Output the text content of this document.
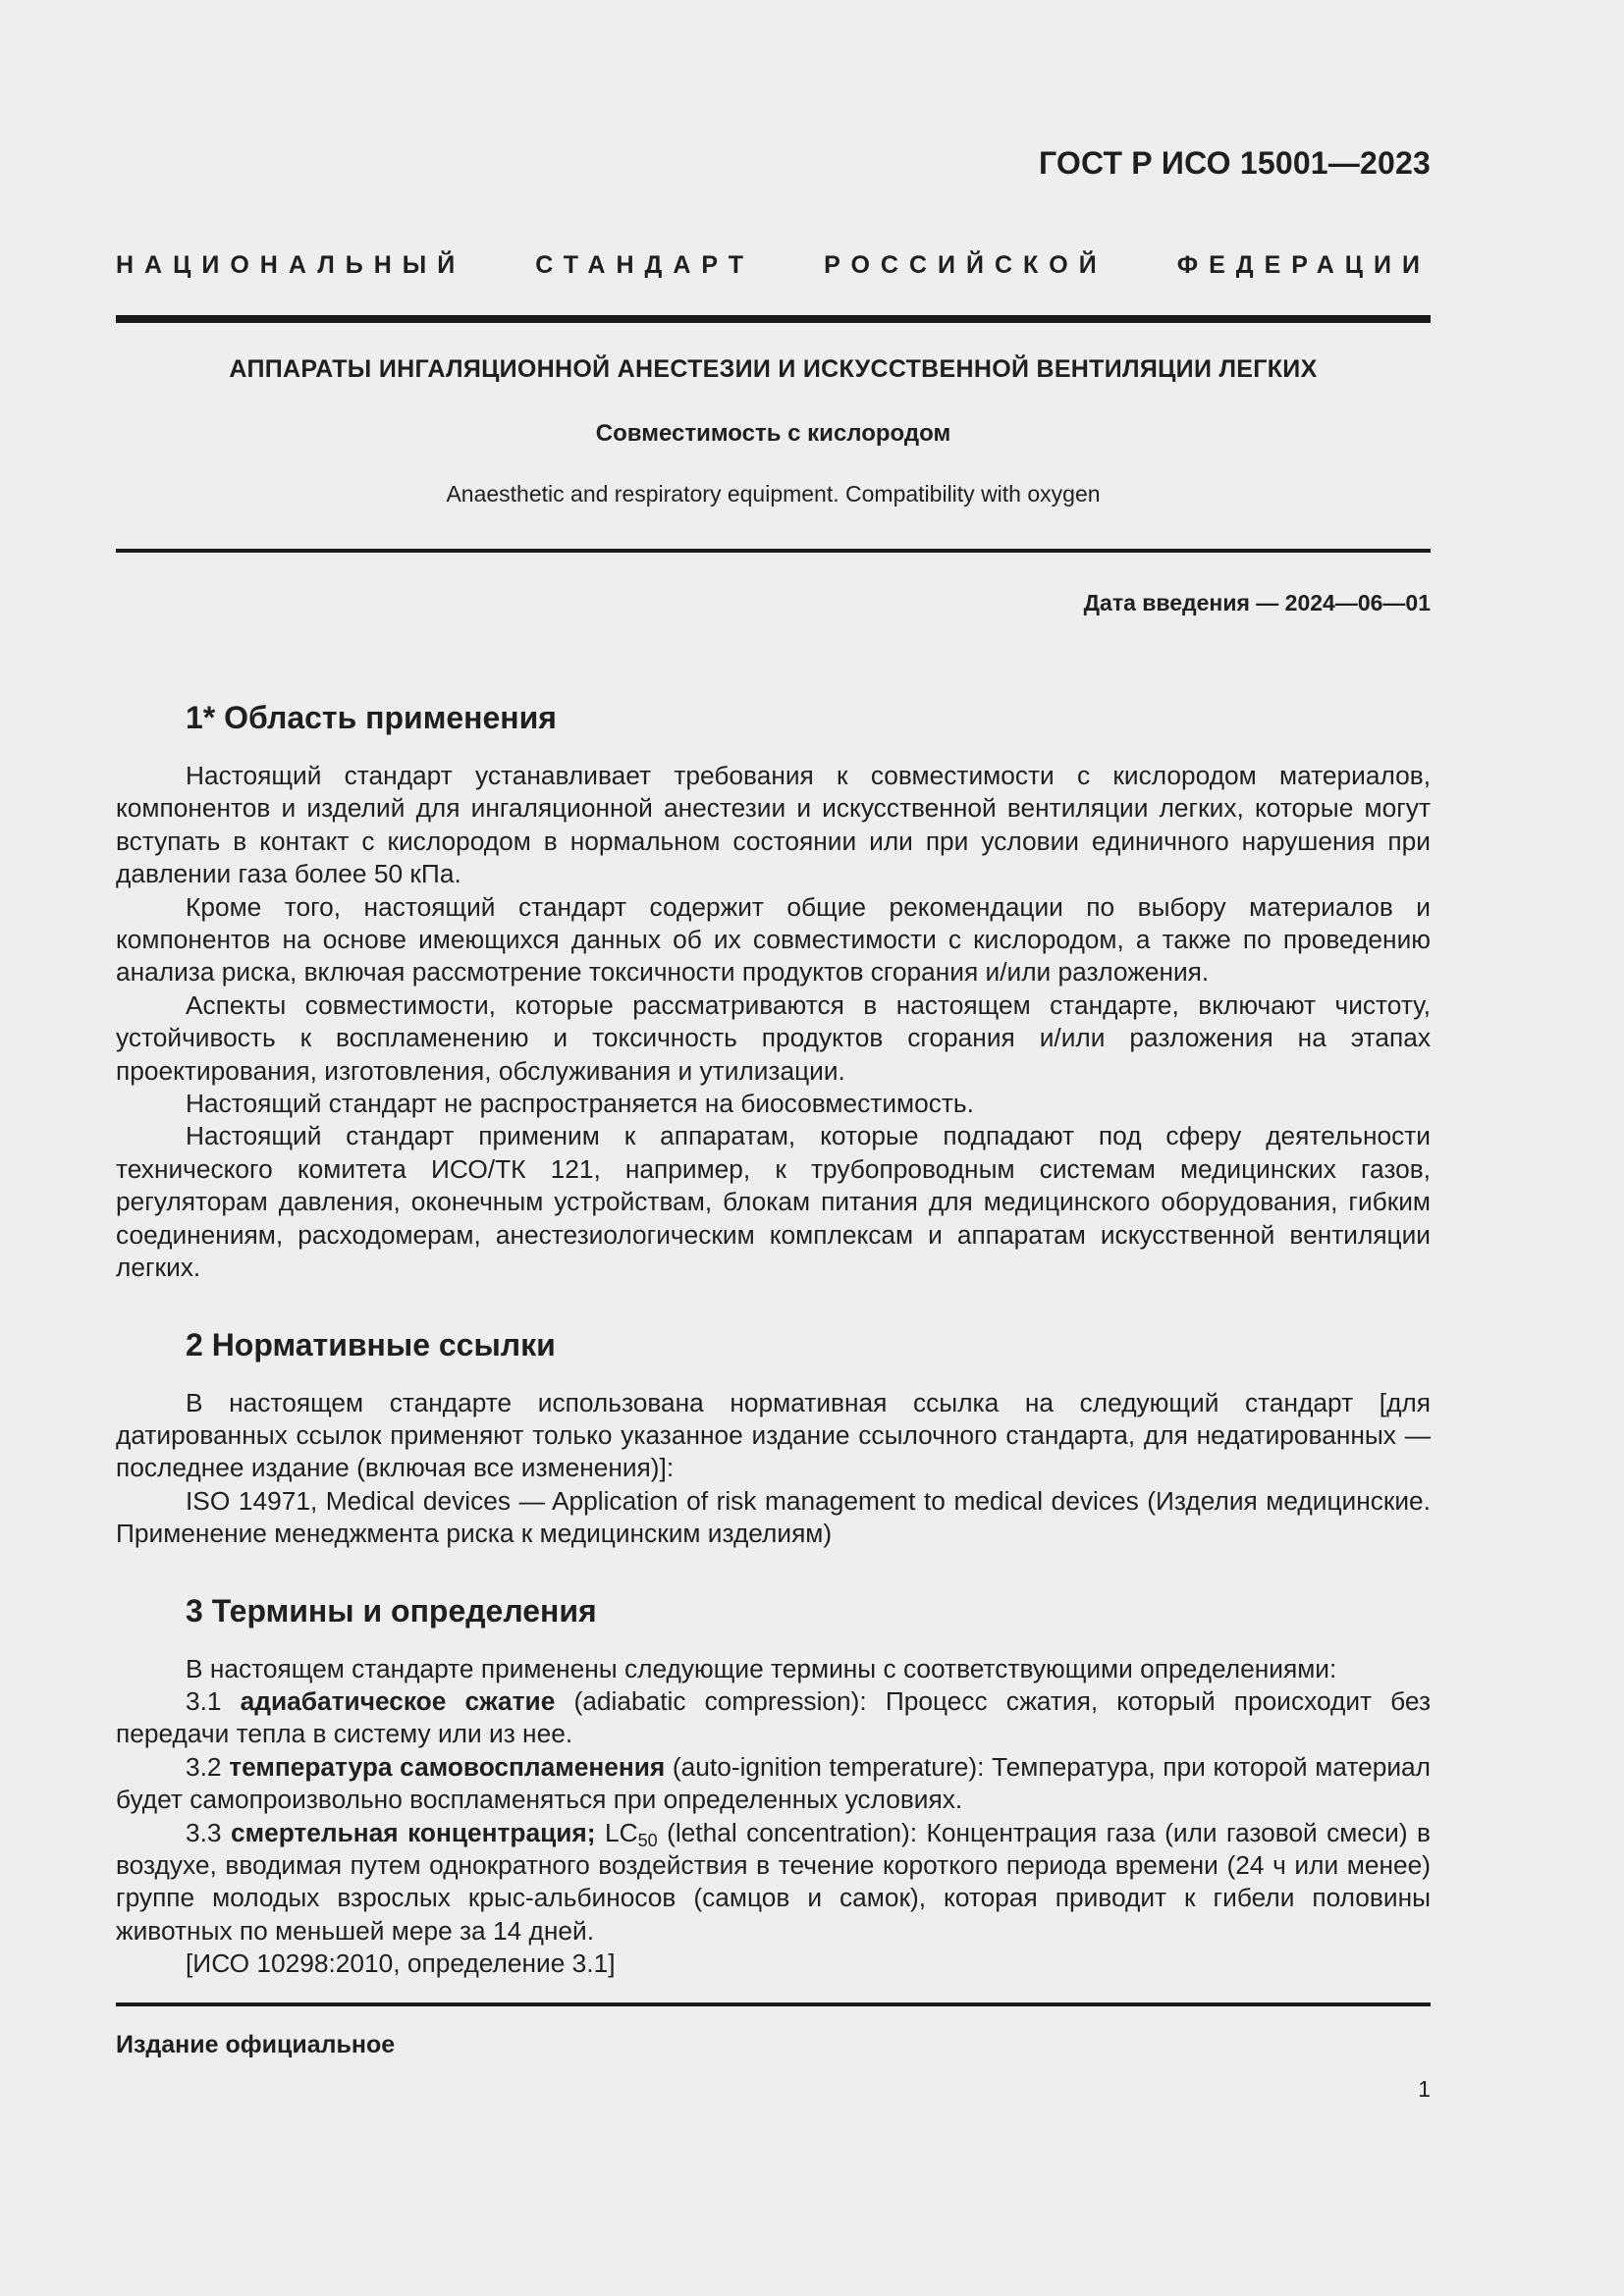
ГОСТ Р ИСО 15001—2023
НАЦИОНАЛЬНЫЙ СТАНДАРТ РОССИЙСКОЙ ФЕДЕРАЦИИ
АППАРАТЫ ИНГАЛЯЦИОННОЙ АНЕСТЕЗИИ И ИСКУССТВЕННОЙ ВЕНТИЛЯЦИИ ЛЕГКИХ
Совместимость с кислородом
Anaesthetic and respiratory equipment. Compatibility with oxygen
Дата введения — 2024—06—01
1* Область применения

Настоящий стандарт устанавливает требования к совместимости с кислородом материалов, компонентов и изделий для ингаляционной анестезии и искусственной вентиляции легких, которые могут вступать в контакт с кислородом в нормальном состоянии или при условии единичного нарушения при давлении газа более 50 кПа.

Кроме того, настоящий стандарт содержит общие рекомендации по выбору материалов и компонентов на основе имеющихся данных об их совместимости с кислородом, а также по проведению анализа риска, включая рассмотрение токсичности продуктов сгорания и/или разложения.

Аспекты совместимости, которые рассматриваются в настоящем стандарте, включают чистоту, устойчивость к воспламенению и токсичность продуктов сгорания и/или разложения на этапах проектирования, изготовления, обслуживания и утилизации.

Настоящий стандарт не распространяется на биосовместимость.

Настоящий стандарт применим к аппаратам, которые подпадают под сферу деятельности технического комитета ИСО/ТК 121, например, к трубопроводным системам медицинских газов, регуляторам давления, оконечным устройствам, блокам питания для медицинского оборудования, гибким соединениям, расходомерам, анестезиологическим комплексам и аппаратам искусственной вентиляции легких.

2 Нормативные ссылки

В настоящем стандарте использована нормативная ссылка на следующий стандарт [для датированных ссылок применяют только указанное издание ссылочного стандарта, для недатированных — последнее издание (включая все изменения)]:

ISO 14971, Medical devices — Application of risk management to medical devices (Изделия медицинские. Применение менеджмента риска к медицинским изделиям)

3 Термины и определения

В настоящем стандарте применены следующие термины с соответствующими определениями:

3.1 адиабатическое сжатие (adiabatic compression): Процесс сжатия, который происходит без передачи тепла в систему или из нее.

3.2 температура самовоспламенения (auto-ignition temperature): Температура, при которой материал будет самопроизвольно воспламеняться при определенных условиях.

3.3 смертельная концентрация; $LC_{50}$ (lethal concentration): Концентрация газа (или газовой смеси) в воздухе, вводимая путем однократного воздействия в течение короткого периода времени (24 ч или менее) группе молодых взрослых крыс-альбиносов (самцов и самок), которая приводит к гибели половины животных по меньшей мере за 14 дней.

[ИСО 10298:2010, определение 3.1]

Издание официальное
1
